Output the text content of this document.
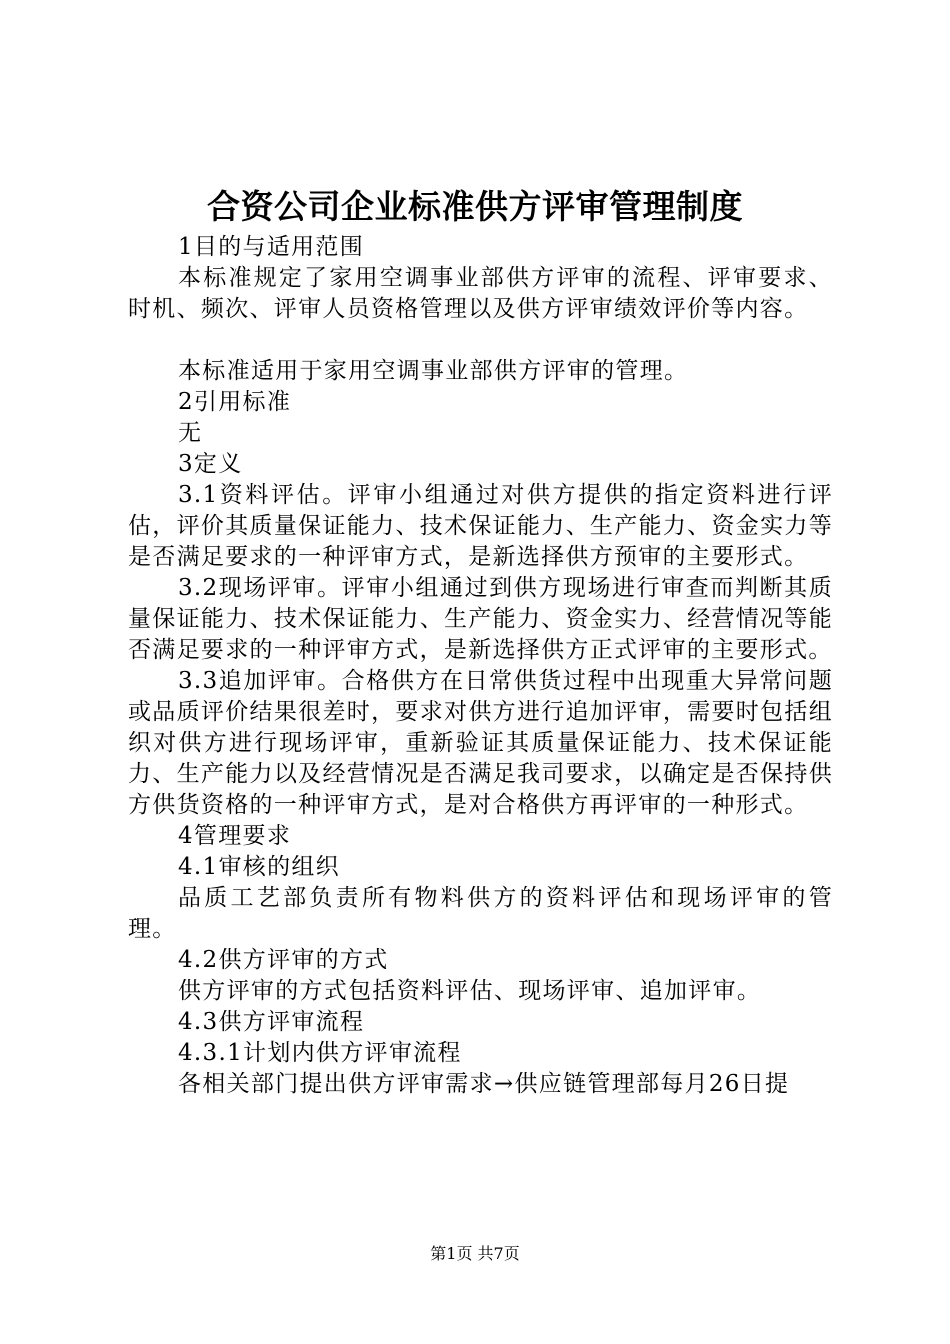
合资公司企业标准供方评审管理制度

1目的与适用范围

本标准规定了家用空调事业部供方评审的流程、评审要求、时机、频次、评审人员资格管理以及供方评审绩效评价等内容。

本标准适用于家用空调事业部供方评审的管理。

2引用标准

无

3定义

3.1资料评估。评审小组通过对供方提供的指定资料进行评估，评价其质量保证能力、技术保证能力、生产能力、资金实力等是否满足要求的一种评审方式，是新选择供方预审的主要形式。

3.2现场评审。评审小组通过到供方现场进行审查而判断其质量保证能力、技术保证能力、生产能力、资金实力、经营情况等能否满足要求的一种评审方式，是新选择供方正式评审的主要形式。

3.3追加评审。合格供方在日常供货过程中出现重大异常问题或品质评价结果很差时，要求对供方进行追加评审，需要时包括组织对供方进行现场评审，重新验证其质量保证能力、技术保证能力、生产能力以及经营情况是否满足我司要求，以确定是否保持供方供货资格的一种评审方式，是对合格供方再评审的一种形式。

4管理要求

4.1审核的组织

品质工艺部负责所有物料供方的资料评估和现场评审的管理。

4.2供方评审的方式

供方评审的方式包括资料评估、现场评审、追加评审。

4.3供方评审流程

4.3.1计划内供方评审流程

各相关部门提出供方评审需求→供应链管理部每月26日提

第1页 共7页
